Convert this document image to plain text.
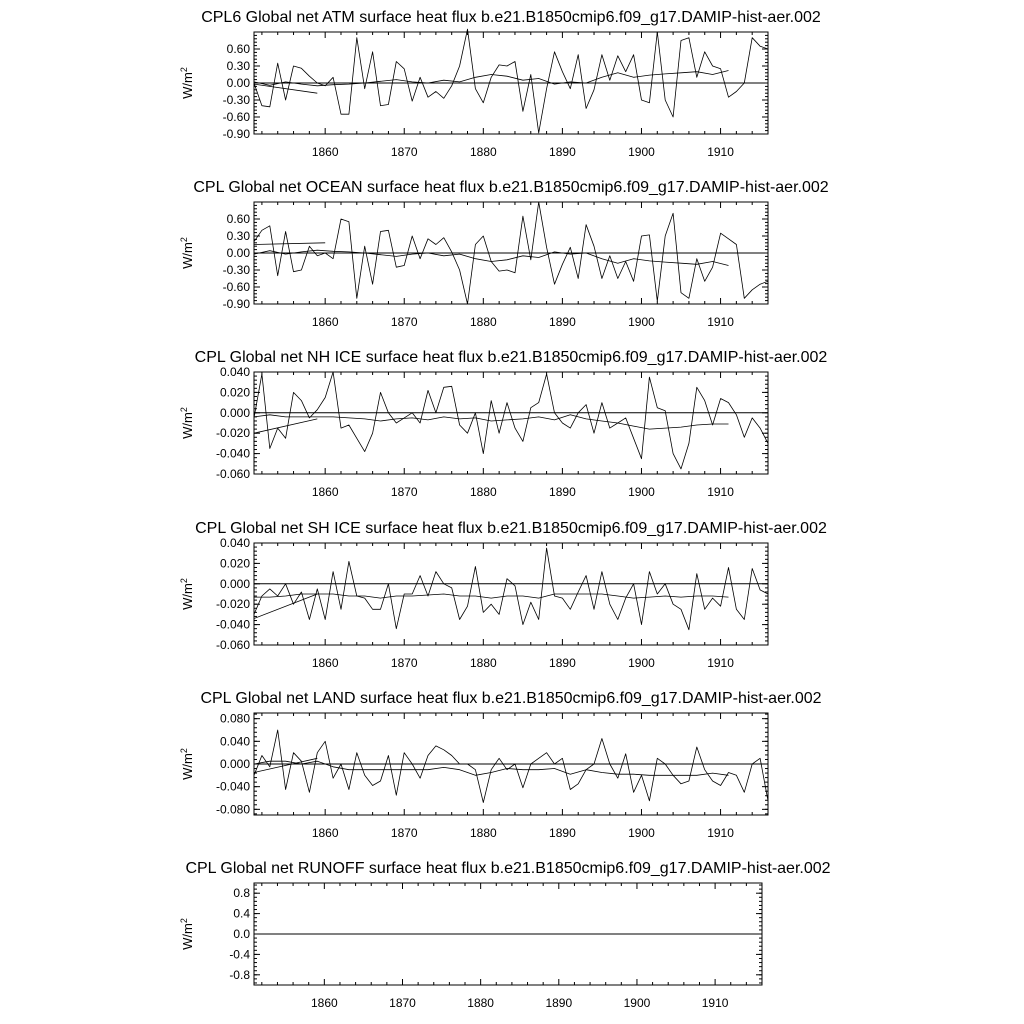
CPL6 Global net ATM surface heat flux b.e21.B1850cmip6.f09_g17.DAMIP-hist-aer.002
$W/m^2$
1860	1870	1880	1890	1900	1910
-0.90
-0.60
-0.30
0.00
0.30
0.60
CPL Global net OCEAN surface heat flux b.e21.B1850cmip6.f09_g17.DAMIP-hist-aer.002
$W/m^2$
1860	1870	1880	1890	1900	1910
-0.90
-0.60
-0.30
0.00
0.30
0.60
CPL Global net NH ICE surface heat flux b.e21.B1850cmip6.f09_g17.DAMIP-hist-aer.002
$W/m^2$
1860	1870	1880	1890	1900	1910
-0.060
-0.040
-0.020
0.000
0.020
0.040
CPL Global net SH ICE surface heat flux b.e21.B1850cmip6.f09_g17.DAMIP-hist-aer.002
$W/m^2$
1860	1870	1880	1890	1900	1910
-0.060
-0.040
-0.020
0.000
0.020
0.040
CPL Global net LAND surface heat flux b.e21.B1850cmip6.f09_g17.DAMIP-hist-aer.002
$W/m^2$
1860	1870	1880	1890	1900	1910
-0.080
-0.040
0.000
0.040
0.080
CPL Global net RUNOFF surface heat flux b.e21.B1850cmip6.f09_g17.DAMIP-hist-aer.002
$W/m^2$
1860	1870	1880	1890	1900	1910
-0.8
-0.4
0.0
0.4
0.8
